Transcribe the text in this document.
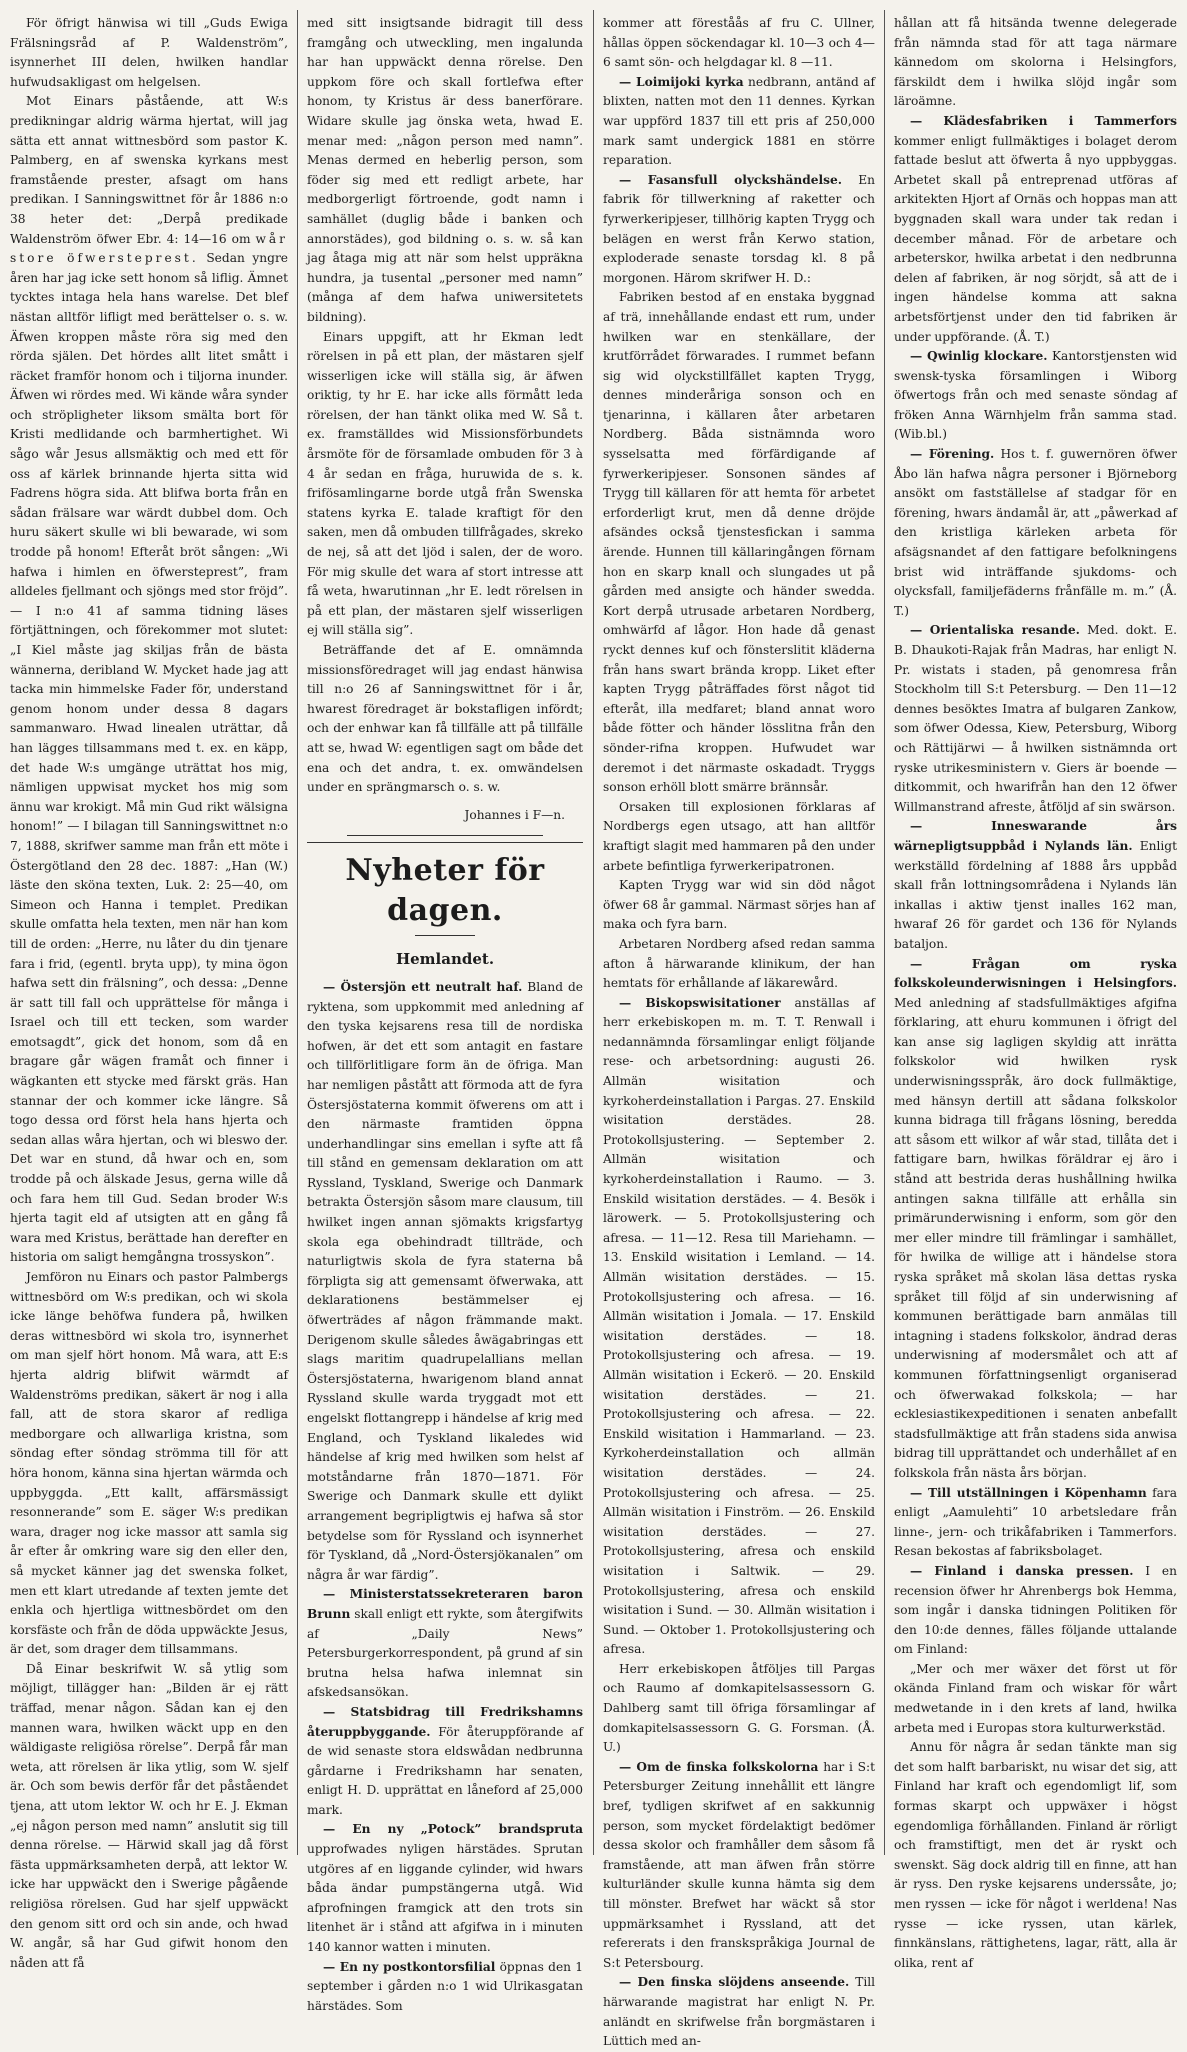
För öfrigt hänwisa wi till „Guds Ewiga Frälsningsråd af P. Waldenström”, isynnerhet III delen, hwilken handlar hufwudsakligast om helgelsen.

Mot Einars påstående, att W:s predikningar aldrig wärma hjertat, will jag sätta ett annat wittnesbörd som pastor K. Palmberg, en af swenska kyrkans mest framstående prester, afsagt om hans predikan. I Sanningswittnet för år 1886 n:o 38 heter det: „Derpå predikade Waldenström öfwer Ebr. 4: 14—16 om wår store öfwersteprest. Sedan yngre åren har jag icke sett honom så liflig. Ämnet tycktes intaga hela hans warelse. Det blef nästan alltför lifligt med berättelser o. s. w. Äfwen kroppen måste röra sig med den rörda själen. Det hördes allt litet smått i räcket framför honom och i tiljorna inunder. Äfwen wi rördes med. Wi kände wåra synder och ströpligheter liksom smälta bort för Kristi medlidande och barmhertighet. Wi sågo wår Jesus allsmäktig och med ett för oss af kärlek brinnande hjerta sitta wid Fadrens högra sida. Att blifwa borta från en sådan frälsare war wärdt dubbel dom. Och huru säkert skulle wi bli bewarade, wi som trodde på honom! Efteråt bröt sången: „Wi hafwa i himlen en öfwersteprest”, fram alldeles fjellmant och sjöngs med stor fröjd”. — I n:o 41 af samma tidning läses förtjättningen, och förekommer mot slutet: „I Kiel måste jag skiljas från de bästa wännerna, deribland W. Mycket hade jag att tacka min himmelske Fader för, understand genom honom under dessa 8 dagars sammanwaro. Hwad linealen uträttar, då han lägges tillsammans med t. ex. en käpp, det hade W:s umgänge uträttat hos mig, nämligen uppwisat mycket hos mig som ännu war krokigt. Må min Gud rikt wälsigna honom!” — I bilagan till Sanningswittnet n:o 7, 1888, skrifwer samme man från ett möte i Östergötland den 28 dec. 1887: „Han (W.) läste den sköna texten, Luk. 2: 25—40, om Simeon och Hanna i templet. Predikan skulle omfatta hela texten, men när han kom till de orden: „Herre, nu låter du din tjenare fara i frid, (egentl. bryta upp), ty mina ögon hafwa sett din frälsning”, och dessa: „Denne är satt till fall och upprättelse för många i Israel och till ett tecken, som warder emotsagdt”, gick det honom, som då en bragare går wägen framåt och finner i wägkanten ett stycke med färskt gräs. Han stannar der och kommer icke längre. Så togo dessa ord först hela hans hjerta och sedan allas wåra hjertan, och wi bleswo der. Det war en stund, då hwar och en, som trodde på och älskade Jesus, gerna wille då och fara hem till Gud. Sedan broder W:s hjerta tagit eld af utsigten att en gång få wara med Kristus, berättade han derefter en historia om saligt hemgångna trossyskon”.

Jemföron nu Einars och pastor Palmbergs wittnesbörd om W:s predikan, och wi skola icke länge behöfwa fundera på, hwilken deras wittnesbörd wi skola tro, isynnerhet om man sjelf hört honom. Må wara, att E:s hjerta aldrig blifwit wärmdt af Waldenströms predikan, säkert är nog i alla fall, att de stora skaror af redliga medborgare och allwarliga kristna, som söndag efter söndag strömma till för att höra honom, känna sina hjertan wärmda och uppbyggda. „Ett kallt, affärsmässigt resonnerande” som E. säger W:s predikan wara, drager nog icke massor att samla sig år efter år omkring ware sig den eller den, så mycket känner jag det swenska folket, men ett klart utredande af texten jemte det enkla och hjertliga wittnesbördet om den korsfäste och från de döda uppwäckte Jesus, är det, som drager dem tillsammans.

Då Einar beskrifwit W. så ytlig som möjligt, tillägger han: „Bilden är ej rätt träffad, menar någon. Sådan kan ej den mannen wara, hwilken wäckt upp en den wäldigaste religiösa rörelse”. Derpå får man weta, att rörelsen är lika ytlig, som W. sjelf är. Och som bewis derför får det påståendet tjena, att utom lektor W. och hr E. J. Ekman „ej någon person med namn” anslutit sig till denna rörelse. — Härwid skall jag då först fästa uppmärksamheten derpå, att lektor W. icke har uppwäckt den i Swerige pågående religiösa rörelsen. Gud har sjelf uppwäckt den genom sitt ord och sin ande, och hwad W. angår, så har Gud gifwit honom den nåden att få

med sitt insigtsande bidragit till dess framgång och utweckling, men ingalunda har han uppwäckt denna rörelse. Den uppkom före och skall fortlefwa efter honom, ty Kristus är dess banerförare. Widare skulle jag önska weta, hwad E. menar med: „någon person med namn”. Menas dermed en heberlig person, som föder sig med ett redligt arbete, har medborgerligt förtroende, godt namn i samhället (duglig både i banken och annorstädes), god bildning o. s. w. så kan jag åtaga mig att när som helst uppräkna hundra, ja tusental „personer med namn” (många af dem hafwa uniwersitetets bildning).

Einars uppgift, att hr Ekman ledt rörelsen in på ett plan, der mästaren sjelf wisserligen icke will ställa sig, är äfwen oriktig, ty hr E. har icke alls förmått leda rörelsen, der han tänkt olika med W. Så t. ex. framställdes wid Missionsförbundets årsmöte för de församlade ombuden för 3 à 4 år sedan en fråga, huruwida de s. k. frifösamlingarne borde utgå från Swenska statens kyrka E. talade kraftigt för den saken, men då ombuden tillfrågades, skreko de nej, så att det ljöd i salen, der de woro. För mig skulle det wara af stort intresse att få weta, hwarutinnan „hr E. ledt rörelsen in på ett plan, der mästaren sjelf wisserligen ej will ställa sig”.

Beträffande det af E. omnämnda missionsföredraget will jag endast hänwisa till n:o 26 af Sanningswittnet för i år, hwarest föredraget är bokstafligen infördt; och der enhwar kan få tillfälle att på tillfälle att se, hwad W: egentligen sagt om både det ena och det andra, t. ex. omwändelsen under en sprängmarsch o. s. w.

Johannes i F—n.
Nyheter för dagen.
Hemlandet.

— Östersjön ett neutralt haf. Bland de ryktena, som uppkommit med anledning af den tyska kejsarens resa till de nordiska hofwen, är det ett som antagit en fastare och tillförlitligare form än de öfriga. Man har nemligen påstått att förmoda att de fyra Östersjöstaterna kommit öfwerens om att i den närmaste framtiden öppna underhandlingar sins emellan i syfte att få till stånd en gemensam deklaration om att Ryssland, Tyskland, Swerige och Danmark betrakta Östersjön såsom mare clausum, till hwilket ingen annan sjömakts krigsfartyg skola ega obehindradt tillträde, och naturligtwis skola de fyra staterna bå förpligta sig att gemensamt öfwerwaka, att deklarationens bestämmelser ej öfwerträdes af någon främmande makt. Derigenom skulle således åwägabringas ett slags maritim quadrupelallians mellan Östersjöstaterna, hwarigenom bland annat Ryssland skulle warda tryggadt mot ett engelskt flottangrepp i händelse af krig med England, och Tyskland likaledes wid händelse af krig med hwilken som helst af motståndarne från 1870—1871. För Swerige och Danmark skulle ett dylikt arrangement begripligtwis ej hafwa så stor betydelse som för Ryssland och isynnerhet för Tyskland, då „Nord-Östersjökanalen” om några år war färdig”.

— Ministerstatssekreteraren baron Brunn skall enligt ett rykte, som återgifwits af „Daily News” Petersburgerkorrespondent, på grund af sin brutna helsa hafwa inlemnat sin afskedsansökan.

— Statsbidrag till Fredrikshamns återuppbyggande. För återuppförande af de wid senaste stora eldswådan nedbrunna gårdarne i Fredrikshamn har senaten, enligt H. D. upprättat en låneford af 25,000 mark.

— En ny „Potock” brandspruta upprofwades nyligen härstädes. Sprutan utgöres af en liggande cylinder, wid hwars båda ändar pumpstängerna utgå. Wid afprofningen framgick att den trots sin litenhet är i stånd att afgifwa in i minuten 140 kannor watten i minuten.

— En ny postkontorsfilial öppnas den 1 september i gården n:o 1 wid Ulrikasgatan härstädes. Som

kommer att föreståås af fru C. Ullner, hållas öppen söckendagar kl. 10—3 och 4—6 samt sön- och helgdagar kl. 8 —11.

— Loimijoki kyrka nedbrann, antänd af blixten, natten mot den 11 dennes. Kyrkan war uppförd 1837 till ett pris af 250,000 mark samt undergick 1881 en större reparation.

— Fasansfull olyckshändelse. En fabrik för tillwerkning af raketter och fyrwerkeripjeser, tillhörig kapten Trygg och belägen en werst från Kerwo station, exploderade senaste torsdag kl. 8 på morgonen. Härom skrifwer H. D.:

Fabriken bestod af en enstaka byggnad af trä, innehållande endast ett rum, under hwilken war en stenkällare, der krutförrådet förwarades. I rummet befann sig wid olyckstillfället kapten Trygg, dennes minderåriga sonson och en tjenarinna, i källaren åter arbetaren Nordberg. Båda sistnämnda woro sysselsatta med förfärdigande af fyrwerkeripjeser. Sonsonen sändes af Trygg till källaren för att hemta för arbetet erforderligt krut, men då denne dröjde afsändes också tjenstesfickan i samma ärende. Hunnen till källaringången förnam hon en skarp knall och slungades ut på gården med ansigte och händer swedda. Kort derpå utrusade arbetaren Nordberg, omhwärfd af lågor. Hon hade då genast ryckt dennes kuf och fönsterslitit kläderna från hans swart brända kropp. Liket efter kapten Trygg påträffades först något tid efteråt, illa medfaret; bland annat woro både fötter och händer lösslitna från den sönder-rifna kroppen. Hufwudet war deremot i det närmaste oskadadt. Tryggs sonson erhöll blott smärre brännsår.

Orsaken till explosionen förklaras af Nordbergs egen utsago, att han alltför kraftigt slagit med hammaren på den under arbete befintliga fyrwerkeripatronen.

Kapten Trygg war wid sin död något öfwer 68 år gammal. Närmast sörjes han af maka och fyra barn.

Arbetaren Nordberg afsed redan samma afton å härwarande klinikum, der han hemtats för erhållande af läkarewård.

— Biskopswisitationer anställas af herr erkebiskopen m. m. T. T. Renwall i nedannämnda församlingar enligt följande rese- och arbetsordning: augusti 26. Allmän wisitation och kyrkoherdeinstallation i Pargas. 27. Enskild wisitation derstädes. 28. Protokollsjustering. — September 2. Allmän wisitation och kyrkoherdeinstallation i Raumo. — 3. Enskild wisitation derstädes. — 4. Besök i lärowerk. — 5. Protokollsjustering och afresa. — 11—12. Resa till Mariehamn. — 13. Enskild wisitation i Lemland. — 14. Allmän wisitation derstädes. — 15. Protokollsjustering och afresa. — 16. Allmän wisitation i Jomala. — 17. Enskild wisitation derstädes. — 18. Protokollsjustering och afresa. — 19. Allmän wisitation i Eckerö. — 20. Enskild wisitation derstädes. — 21. Protokollsjustering och afresa. — 22. Enskild wisitation i Hammarland. — 23. Kyrkoherdeinstallation och allmän wisitation derstädes. — 24. Protokollsjustering och afresa. — 25. Allmän wisitation i Finström. — 26. Enskild wisitation derstädes. — 27. Protokollsjustering, afresa och enskild wisitation i Saltwik. — 29. Protokollsjustering, afresa och enskild wisitation i Sund. — 30. Allmän wisitation i Sund. — Oktober 1. Protokollsjustering och afresa.

Herr erkebiskopen åtföljes till Pargas och Raumo af domkapitelsassessorn G. Dahlberg samt till öfriga församlingar af domkapitelsassessorn G. G. Forsman. (Å. U.)

— Om de finska folkskolorna har i S:t Petersburger Zeitung innehållit ett längre bref, tydligen skrifwet af en sakkunnig person, som mycket fördelaktigt bedömer dessa skolor och framhåller dem såsom få framstående, att man äfwen från större kulturländer skulle kunna hämta sig dem till mönster. Brefwet har wäckt så stor uppmärksamhet i Ryssland, att det refererats i den franskspråkiga Journal de S:t Petersbourg.

— Den finska slöjdens anseende. Till härwarande magistrat har enligt N. Pr. anländt en skrifwelse från borgmästaren i Lüttich med an-

hållan att få hitsända twenne delegerade från nämnda stad för att taga närmare kännedom om skolorna i Helsingfors, färskildt dem i hwilka slöjd ingår som läroämne.

— Klädesfabriken i Tammerfors kommer enligt fullmäktiges i bolaget derom fattade beslut att öfwerta å nyo uppbyggas. Arbetet skall på entreprenad utföras af arkitekten Hjort af Ornäs och hoppas man att byggnaden skall wara under tak redan i december månad. För de arbetare och arbeterskor, hwilka arbetat i den nedbrunna delen af fabriken, är nog sörjdt, så att de i ingen händelse komma att sakna arbetsförtjenst under den tid fabriken är under uppförande. (Å. T.)

— Qwinlig klockare. Kantorstjensten wid swensk-tyska församlingen i Wiborg öfwertogs från och med senaste söndag af fröken Anna Wärnhjelm från samma stad. (Wib.bl.)

— Förening. Hos t. f. guwernören öfwer Åbo län hafwa några personer i Björneborg ansökt om fastställelse af stadgar för en förening, hwars ändamål är, att „påwerkad af den kristliga kärleken arbeta för afsägsnandet af den fattigare befolkningens brist wid inträffande sjukdoms- och olycksfall, familjefäderns frånfälle m. m.” (Å. T.)

— Orientaliska resande. Med. dokt. E. B. Dhaukoti-Rajak från Madras, har enligt N. Pr. wistats i staden, på genomresa från Stockholm till S:t Petersburg. — Den 11—12 dennes besöktes Imatra af bulgaren Zankow, som öfwer Odessa, Kiew, Petersburg, Wiborg och Rättijärwi — å hwilken sistnämnda ort ryske utrikesministern v. Giers är boende — ditkommit, och hwarifrån han den 12 öfwer Willmanstrand afreste, åtföljd af sin swärson.

— Inneswarande års wärnepligtsuppbåd i Nylands län. Enligt werkställd fördelning af 1888 års uppbåd skall från lottningsområdena i Nylands län inkallas i aktiw tjenst inalles 162 man, hwaraf 26 för gardet och 136 för Nylands bataljon.

— Frågan om ryska folkskoleunderwisningen i Helsingfors. Med anledning af stadsfullmäktiges afgifna förklaring, att ehuru kommunen i öfrigt del kan anse sig lagligen skyldig att inrätta folkskolor wid hwilken rysk underwisningsspråk, äro dock fullmäktige, med hänsyn dertill att sådana folkskolor kunna bidraga till frågans lösning, beredda att såsom ett wilkor af wår stad, tillåta det i fattigare barn, hwilkas föräldrar ej äro i stånd att bestrida deras hushållning hwilka antingen sakna tillfälle att erhålla sin primärunderwisning i enform, som gör den mer eller mindre till främlingar i samhället, för hwilka de willige att i händelse stora ryska språket må skolan läsa dettas ryska språket till följd af sin underwisning af kommunen berättigade barn anmälas till intagning i stadens folkskolor, ändrad deras underwisning af modersmålet och att af kommunen författningsenligt organiserad och öfwerwakad folkskola; — har ecklesiastikexpeditionen i senaten anbefallt stadsfullmäktige att från stadens sida anwisa bidrag till upprättandet och underhållet af en folkskola från nästa års början.

— Till utställningen i Köpenhamn fara enligt „Aamulehti” 10 arbetsledare från linne-, jern- och trikåfabriken i Tammerfors. Resan bekostas af fabriksbolaget.

— Finland i danska pressen. I en recension öfwer hr Ahrenbergs bok Hemma, som ingår i danska tidningen Politiken för den 10:de dennes, fälles följande uttalande om Finland:

„Mer och mer wäxer det först ut för okända Finland fram och wiskar för wårt medwetande in i den krets af land, hwilka arbeta med i Europas stora kulturwerkstäd.

Annu för några år sedan tänkte man sig det som halft barbariskt, nu wisar det sig, att Finland har kraft och egendomligt lif, som formas skarpt och uppwäxer i högst egendomliga förhållanden. Finland är rörligt och framstiftigt, men det är ryskt och swenskt. Säg dock aldrig till en finne, att han är ryss. Den ryske kejsarens underssåte, jo; men ryssen — icke för något i werldena! Nas rysse — icke ryssen, utan kärlek, finnkänslans, rättighetens, lagar, rätt, alla är olika, rent af
